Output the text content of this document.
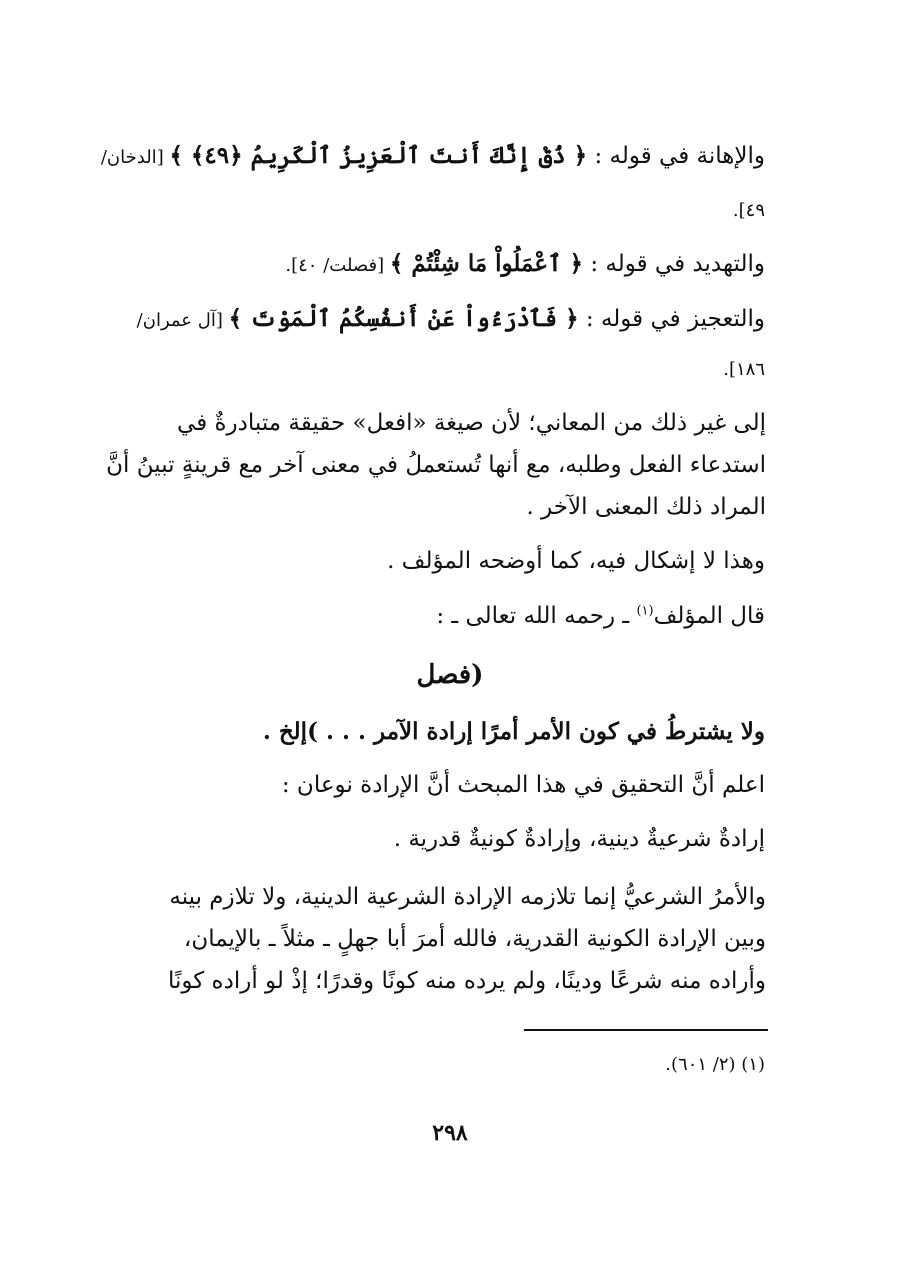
والإهانة في قوله : ﴿ ذُقْ إِنَّكَ أَنتَ ٱلْعَزِيزُ ٱلْكَرِيمُ ﴿٤٩﴾ ﴾ [الدخان/
٤٩].
والتهديد في قوله : ﴿ ٱعْمَلُواْ مَا شِئْتُمْ ﴾ [فصلت/ ٤٠].
والتعجيز في قوله : ﴿ فَٱدْرَءُواْ عَنْ أَنفُسِكُمُ ٱلْمَوْتَ ﴾ [آل عمران/
١٨٦].
إلى غير ذلك من المعاني؛ لأن صيغة «افعل» حقيقة متبادرةٌ في
استدعاء الفعل وطلبه، مع أنها تُستعملُ في معنى آخر مع قرينةٍ تبينُ أنَّ
المراد ذلك المعنى الآخر .
وهذا لا إشكال فيه، كما أوضحه المؤلف .
قال المؤلف$^{(١)}$ ـ رحمه الله تعالى ـ :
(فصل
ولا يشترطُ في كون الأمر أمرًا إرادة الآمر . . . )إلخ .
اعلم أنَّ التحقيق في هذا المبحث أنَّ الإرادة نوعان :
إرادةٌ شرعيةٌ دينية، وإرادةٌ كونيةٌ قدرية .
والأمرُ الشرعيُّ إنما تلازمه الإرادة الشرعية الدينية، ولا تلازم بينه
وبين الإرادة الكونية القدرية، فالله أمرَ أبا جهلٍ ـ مثلاً ـ بالإيمان،
وأراده منه شرعًا ودينًا، ولم يرده منه كونًا وقدرًا؛ إذْ لو أراده كونًا
(١) (٢/ ٦٠١).
٢٩٨
